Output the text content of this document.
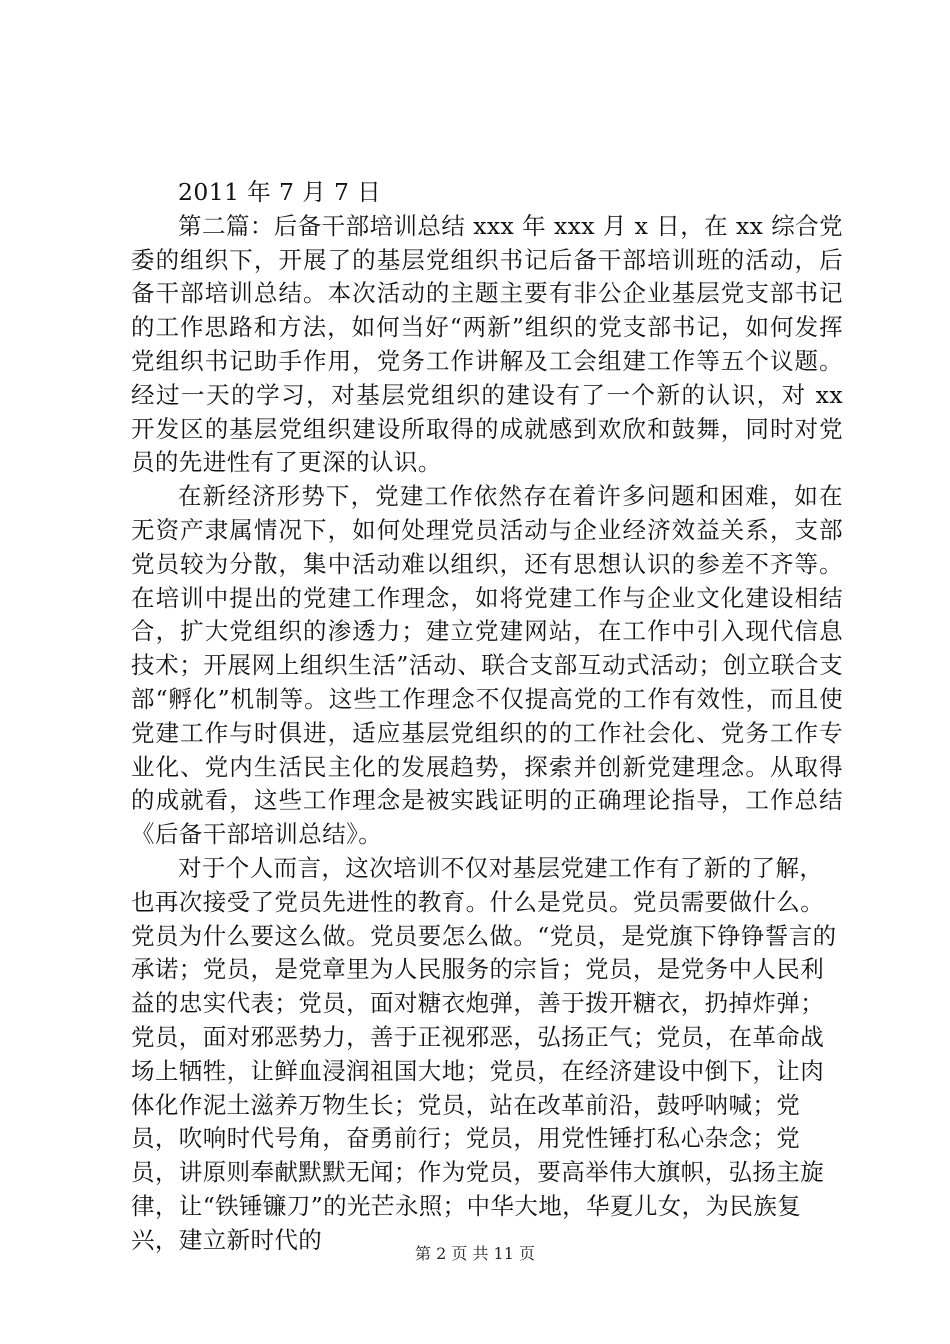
2011 年 7 月 7 日

第二篇：后备干部培训总结 xxx 年 xxx 月 x 日，在 xx 综合党委的组织下，开展了的基层党组织书记后备干部培训班的活动，后备干部培训总结。本次活动的主题主要有非公企业基层党支部书记的工作思路和方法，如何当好“两新”组织的党支部书记，如何发挥党组织书记助手作用，党务工作讲解及工会组建工作等五个议题。经过一天的学习，对基层党组织的建设有了一个新的认识，对 xx 开发区的基层党组织建设所取得的成就感到欢欣和鼓舞，同时对党员的先进性有了更深的认识。

在新经济形势下，党建工作依然存在着许多问题和困难，如在无资产隶属情况下，如何处理党员活动与企业经济效益关系，支部党员较为分散，集中活动难以组织，还有思想认识的参差不齐等。在培训中提出的党建工作理念，如将党建工作与企业文化建设相结合，扩大党组织的渗透力；建立党建网站，在工作中引入现代信息技术；开展网上组织生活”活动、联合支部互动式活动；创立联合支部“孵化”机制等。这些工作理念不仅提高党的工作有效性，而且使党建工作与时俱进，适应基层党组织的的工作社会化、党务工作专业化、党内生活民主化的发展趋势，探索并创新党建理念。从取得的成就看，这些工作理念是被实践证明的正确理论指导，工作总结《后备干部培训总结》。

对于个人而言，这次培训不仅对基层党建工作有了新的了解，也再次接受了党员先进性的教育。什么是党员。党员需要做什么。党员为什么要这么做。党员要怎么做。“党员，是党旗下铮铮誓言的承诺；党员，是党章里为人民服务的宗旨；党员，是党务中人民利益的忠实代表；党员，面对糖衣炮弹，善于拨开糖衣，扔掉炸弹；党员，面对邪恶势力，善于正视邪恶，弘扬正气；党员，在革命战场上牺牲，让鲜血浸润祖国大地；党员，在经济建设中倒下，让肉体化作泥土滋养万物生长；党员，站在改革前沿，鼓呼呐喊；党员，吹响时代号角，奋勇前行；党员，用党性锤打私心杂念；党员，讲原则奉献默默无闻；作为党员，要高举伟大旗帜，弘扬主旋律，让“铁锤镰刀”的光芒永照；中华大地，华夏儿女，为民族复兴，建立新时代的	第 2 页 共 11 页
